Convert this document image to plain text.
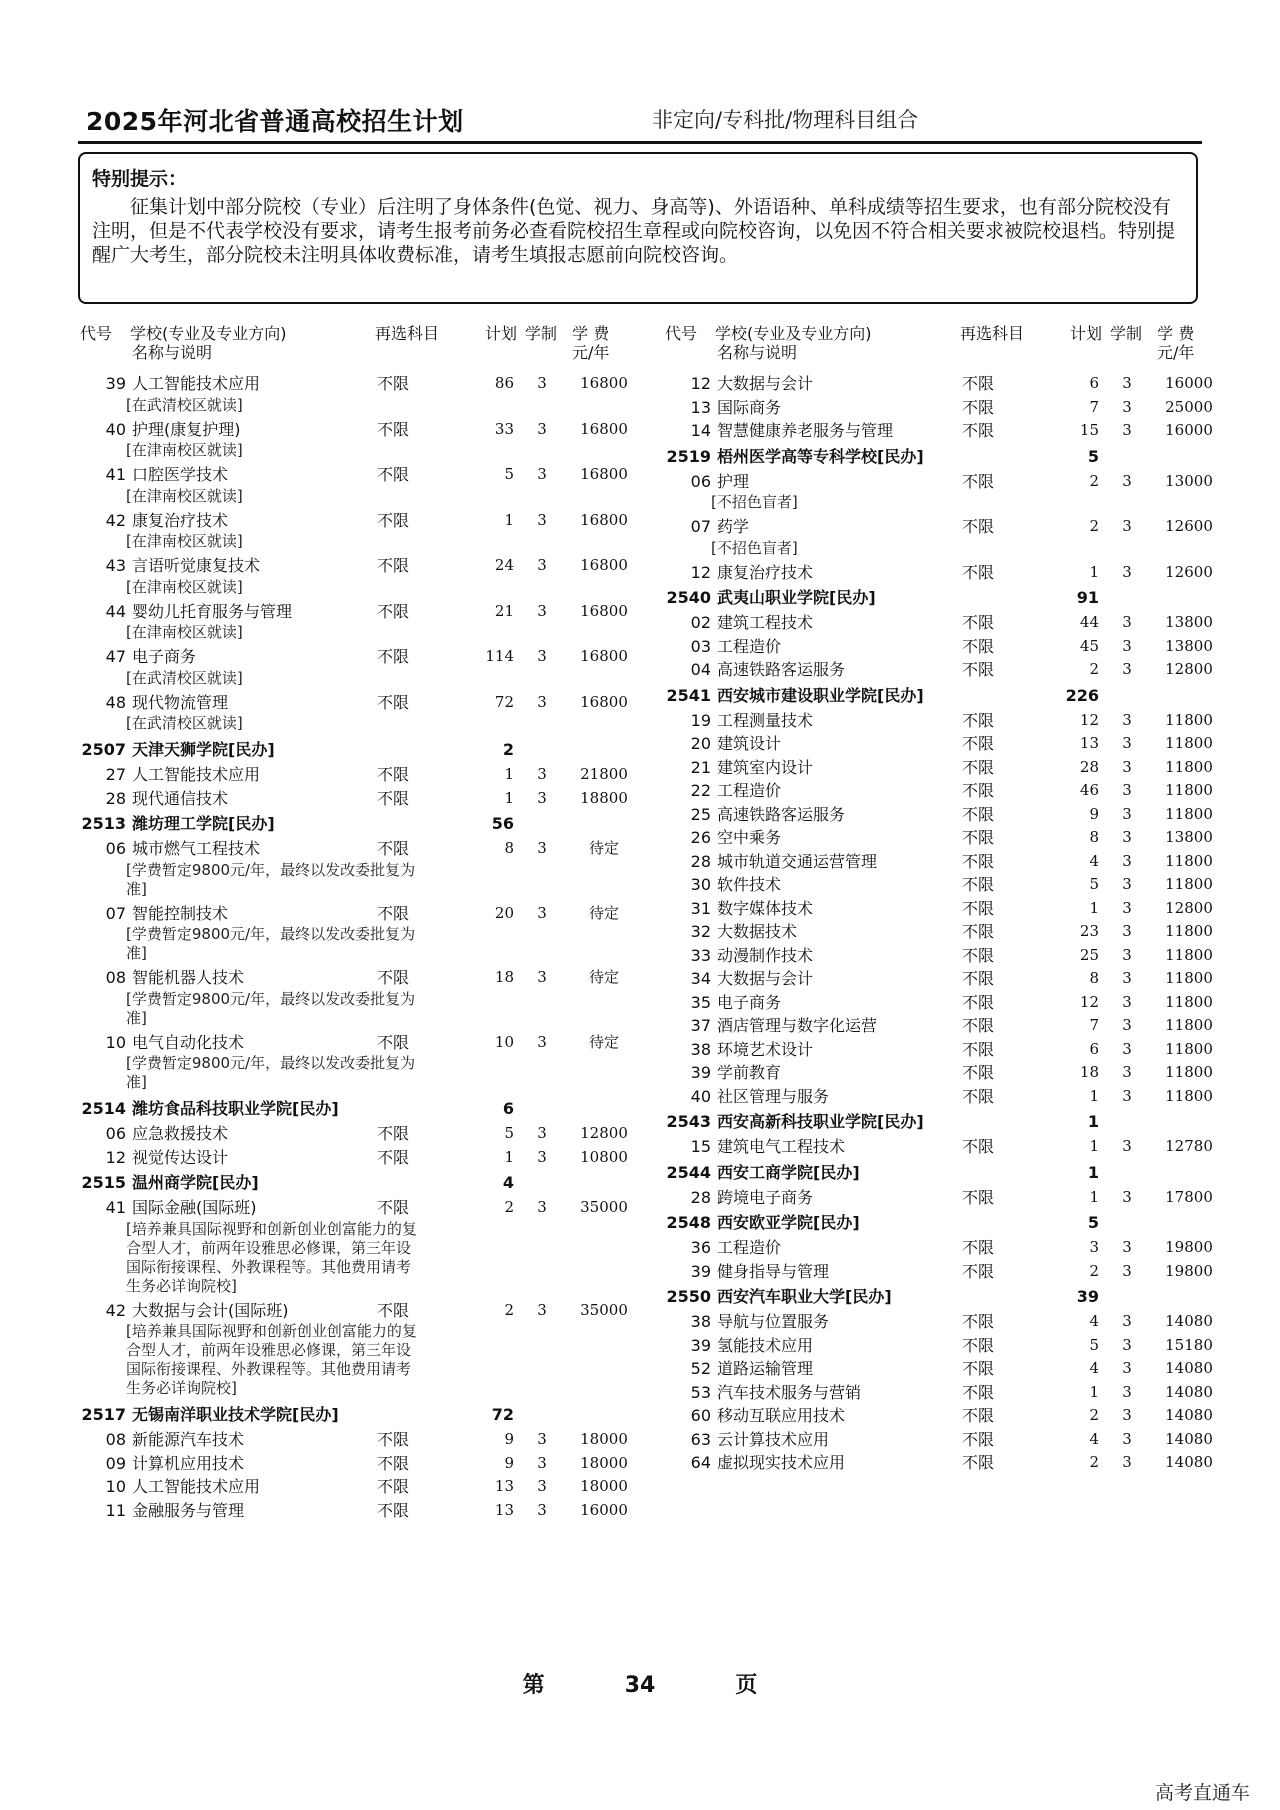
2025年河北省普通高校招生计划	非定向/专科批/物理科目组合
特别提示：
征集计划中部分院校（专业）后注明了身体条件(色觉、视力、身高等)、外语语种、单科成绩等招生要求，也有部分院校没有注明，但是不代表学校没有要求，请考生报考前务必查看院校招生章程或向院校咨询，以免因不符合相关要求被院校退档。特别提醒广大考生，部分院校未注明具体收费标准，请考生填报志愿前向院校咨询。
代号 学校(专业及专业方向)
名称与说明
再选科目	计划 学制 学 费
元/年
39 人工智能技术应用	不限	86 3	16800
[在武清校区就读]
40 护理(康复护理)	不限	33 3	16800
[在津南校区就读]
41 口腔医学技术	不限	5 3	16800
[在津南校区就读]
42 康复治疗技术	不限	1 3	16800
[在津南校区就读]
43 言语听觉康复技术	不限	24 3	16800
[在津南校区就读]
44 婴幼儿托育服务与管理	不限	21 3	16800
[在津南校区就读]
47 电子商务	不限	114 3	16800
[在武清校区就读]
48 现代物流管理	不限	72 3	16800
[在武清校区就读]
2507 天津天狮学院[民办]	2
27 人工智能技术应用	不限	1 3	21800
28 现代通信技术	不限	1 3	18800
2513 潍坊理工学院[民办]	56
06 城市燃气工程技术	不限	8 3	待定
[学费暂定9800元/年，最终以发改委批复为
准]
07 智能控制技术	不限	20 3	待定
[学费暂定9800元/年，最终以发改委批复为
准]
08 智能机器人技术	不限	18 3	待定
[学费暂定9800元/年，最终以发改委批复为
准]
10 电气自动化技术	不限	10 3	待定
[学费暂定9800元/年，最终以发改委批复为
准]
2514 潍坊食品科技职业学院[民办]	6
06 应急救援技术	不限	5 3	12800
12 视觉传达设计	不限	1 3	10800
2515 温州商学院[民办]	4
41 国际金融(国际班)	不限	2 3	35000
[培养兼具国际视野和创新创业创富能力的复
合型人才，前两年设雅思必修课，第三年设
国际衔接课程、外教课程等。其他费用请考
生务必详询院校]
42 大数据与会计(国际班)	不限	2 3	35000
[培养兼具国际视野和创新创业创富能力的复
合型人才，前两年设雅思必修课，第三年设
国际衔接课程、外教课程等。其他费用请考
生务必详询院校]
2517 无锡南洋职业技术学院[民办]	72
08 新能源汽车技术	不限	9 3	18000
09 计算机应用技术	不限	9 3	18000
10 人工智能技术应用	不限	13 3	18000
11 金融服务与管理	不限	13 3	16000
代号 学校(专业及专业方向)
名称与说明
再选科目	计划 学制 学 费
元/年
12 大数据与会计	不限	6 3	16000
13 国际商务	不限	7 3	25000
14 智慧健康养老服务与管理	不限	15 3	16000
2519 梧州医学高等专科学校[民办]	5
06 护理	不限	2 3	13000
[不招色盲者]
07 药学	不限	2 3	12600
[不招色盲者]
12 康复治疗技术	不限	1 3	12600
2540 武夷山职业学院[民办]	91
02 建筑工程技术	不限	44 3	13800
03 工程造价	不限	45 3	13800
04 高速铁路客运服务	不限	2 3	12800
2541 西安城市建设职业学院[民办]	226
19 工程测量技术	不限	12 3	11800
20 建筑设计	不限	13 3	11800
21 建筑室内设计	不限	28 3	11800
22 工程造价	不限	46 3	11800
25 高速铁路客运服务	不限	9 3	11800
26 空中乘务	不限	8 3	13800
28 城市轨道交通运营管理	不限	4 3	11800
30 软件技术	不限	5 3	11800
31 数字媒体技术	不限	1 3	12800
32 大数据技术	不限	23 3	11800
33 动漫制作技术	不限	25 3	11800
34 大数据与会计	不限	8 3	11800
35 电子商务	不限	12 3	11800
37 酒店管理与数字化运营	不限	7 3	11800
38 环境艺术设计	不限	6 3	11800
39 学前教育	不限	18 3	11800
40 社区管理与服务	不限	1 3	11800
2543 西安高新科技职业学院[民办]	1
15 建筑电气工程技术	不限	1 3	12780
2544 西安工商学院[民办]	1
28 跨境电子商务	不限	1 3	17800
2548 西安欧亚学院[民办]	5
36 工程造价	不限	3 3	19800
39 健身指导与管理	不限	2 3	19800
2550 西安汽车职业大学[民办]	39
38 导航与位置服务	不限	4 3	14080
39 氢能技术应用	不限	5 3	15180
52 道路运输管理	不限	4 3	14080
53 汽车技术服务与营销	不限	1 3	14080
60 移动互联应用技术	不限	2 3	14080
63 云计算技术应用	不限	4 3	14080
64 虚拟现实技术应用	不限	2 3	14080
第	34	页
高考直通车
